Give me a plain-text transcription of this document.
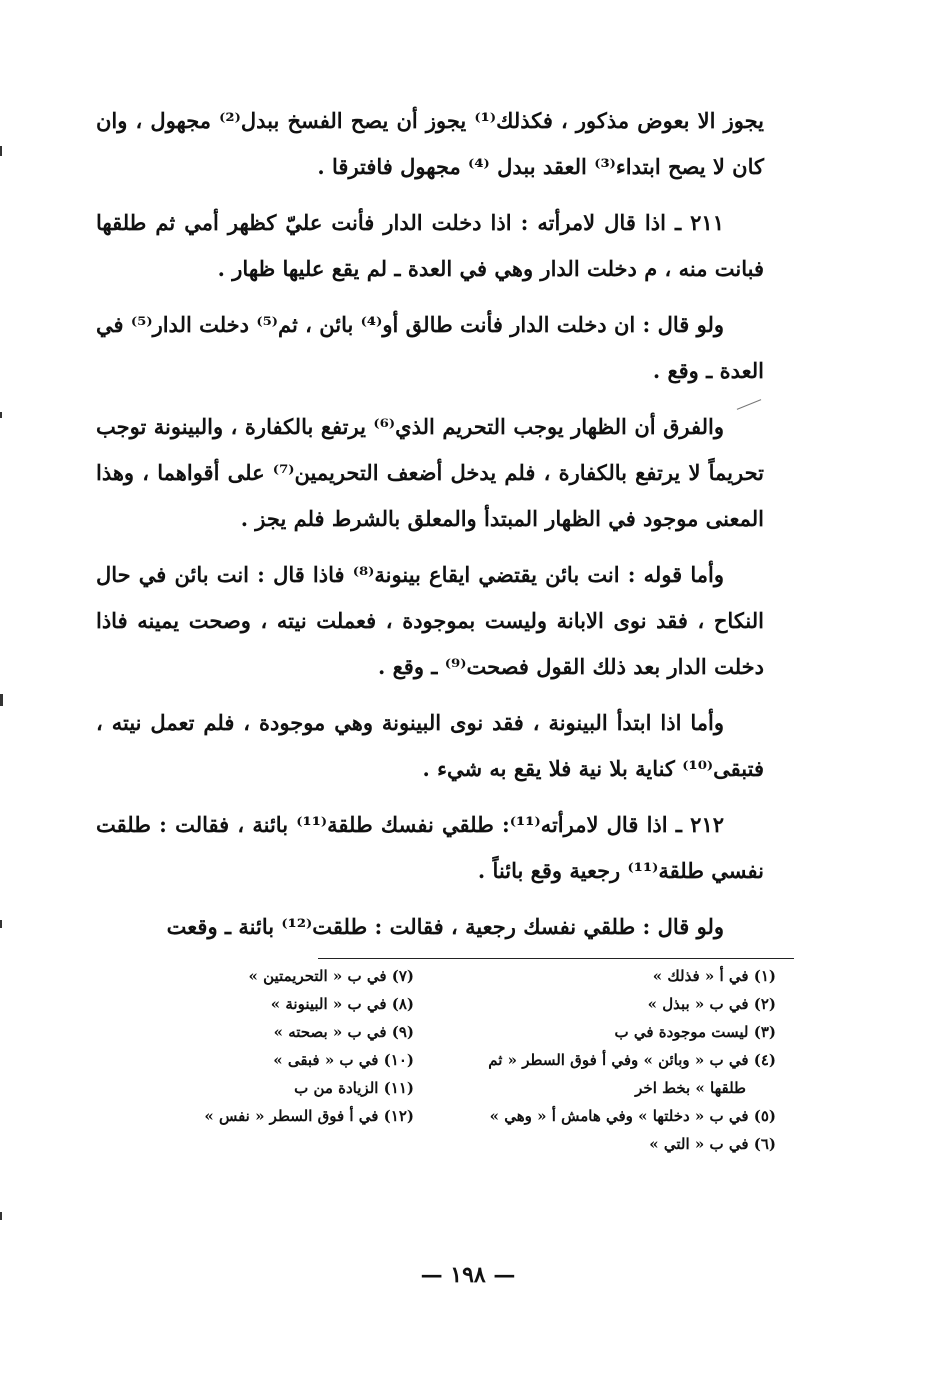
يجوز الا بعوض مذكور ، فكذلك⁽¹⁾ يجوز أن يصح الفسخ ببدل⁽²⁾ مجهول ، وان كان لا يصح ابتداء⁽³⁾ العقد ببدل ⁽⁴⁾ مجهول فافترقا .

٢١١ ـ اذا قال لامرأته : اذا دخلت الدار فأنت عليّ كظهر أمي ثم طلقها فبانت منه ، م دخلت الدار وهي في العدة ـ لم يقع عليها ظهار .

ولو قال : ان دخلت الدار فأنت طالق أو⁽⁴⁾ بائن ، ثم⁽⁵⁾ دخلت الدار⁽⁵⁾ في العدة ـ وقع .

والفرق أن الظهار يوجب التحريم الذي⁽⁶⁾ يرتفع بالكفارة ، والبينونة توجب تحريماً لا يرتفع بالكفارة ، فلم يدخل أضعف التحريمين⁽⁷⁾ على أقواهما ، وهذا المعنى موجود في الظهار المبتدأ والمعلق بالشرط فلم يجز .

وأما قوله : انت بائن يقتضي ايقاع بينونة⁽⁸⁾ فاذا قال : انت بائن في حال النكاح ، فقد نوى الابانة وليست بموجودة ، فعملت نيته ، وصحت يمينه فاذا دخلت الدار بعد ذلك القول فصحت⁽⁹⁾ ـ وقع .

وأما اذا ابتدأ البينونة ، فقد نوى البينونة وهي موجودة ، فلم تعمل نيته ، فتبقى⁽¹⁰⁾ كناية بلا نية فلا يقع به شيء .

٢١٢ ـ اذا قال لامرأته⁽¹¹⁾: طلقي نفسك طلقة⁽¹¹⁾ بائنة ، فقالت : طلقت نفسي طلقة⁽¹¹⁾ رجعية وقع بائناً .

ولو قال : طلقي نفسك رجعية ، فقالت : طلقت⁽¹²⁾ بائنة ـ وقعت

(١) في أ « فذلك »
(٢) في ب « ببذل »
(٣) ليست موجودة في ب
(٤) في ب « وبائن » وفي أ فوق السطر « ثم
طلقها » بخط اخر
(٥) في ب « دخلتها » وفي هامش أ « وهي »
(٦) في ب « التي »
(٧) في ب « التحريمتين »
(٨) في ب « البينونة »
(٩) في ب « بصحته »
(١٠) في ب « فبقى »
(١١) الزيادة من ب
(١٢) في أ فوق السطر « نفس »
— ١٩٨ —
